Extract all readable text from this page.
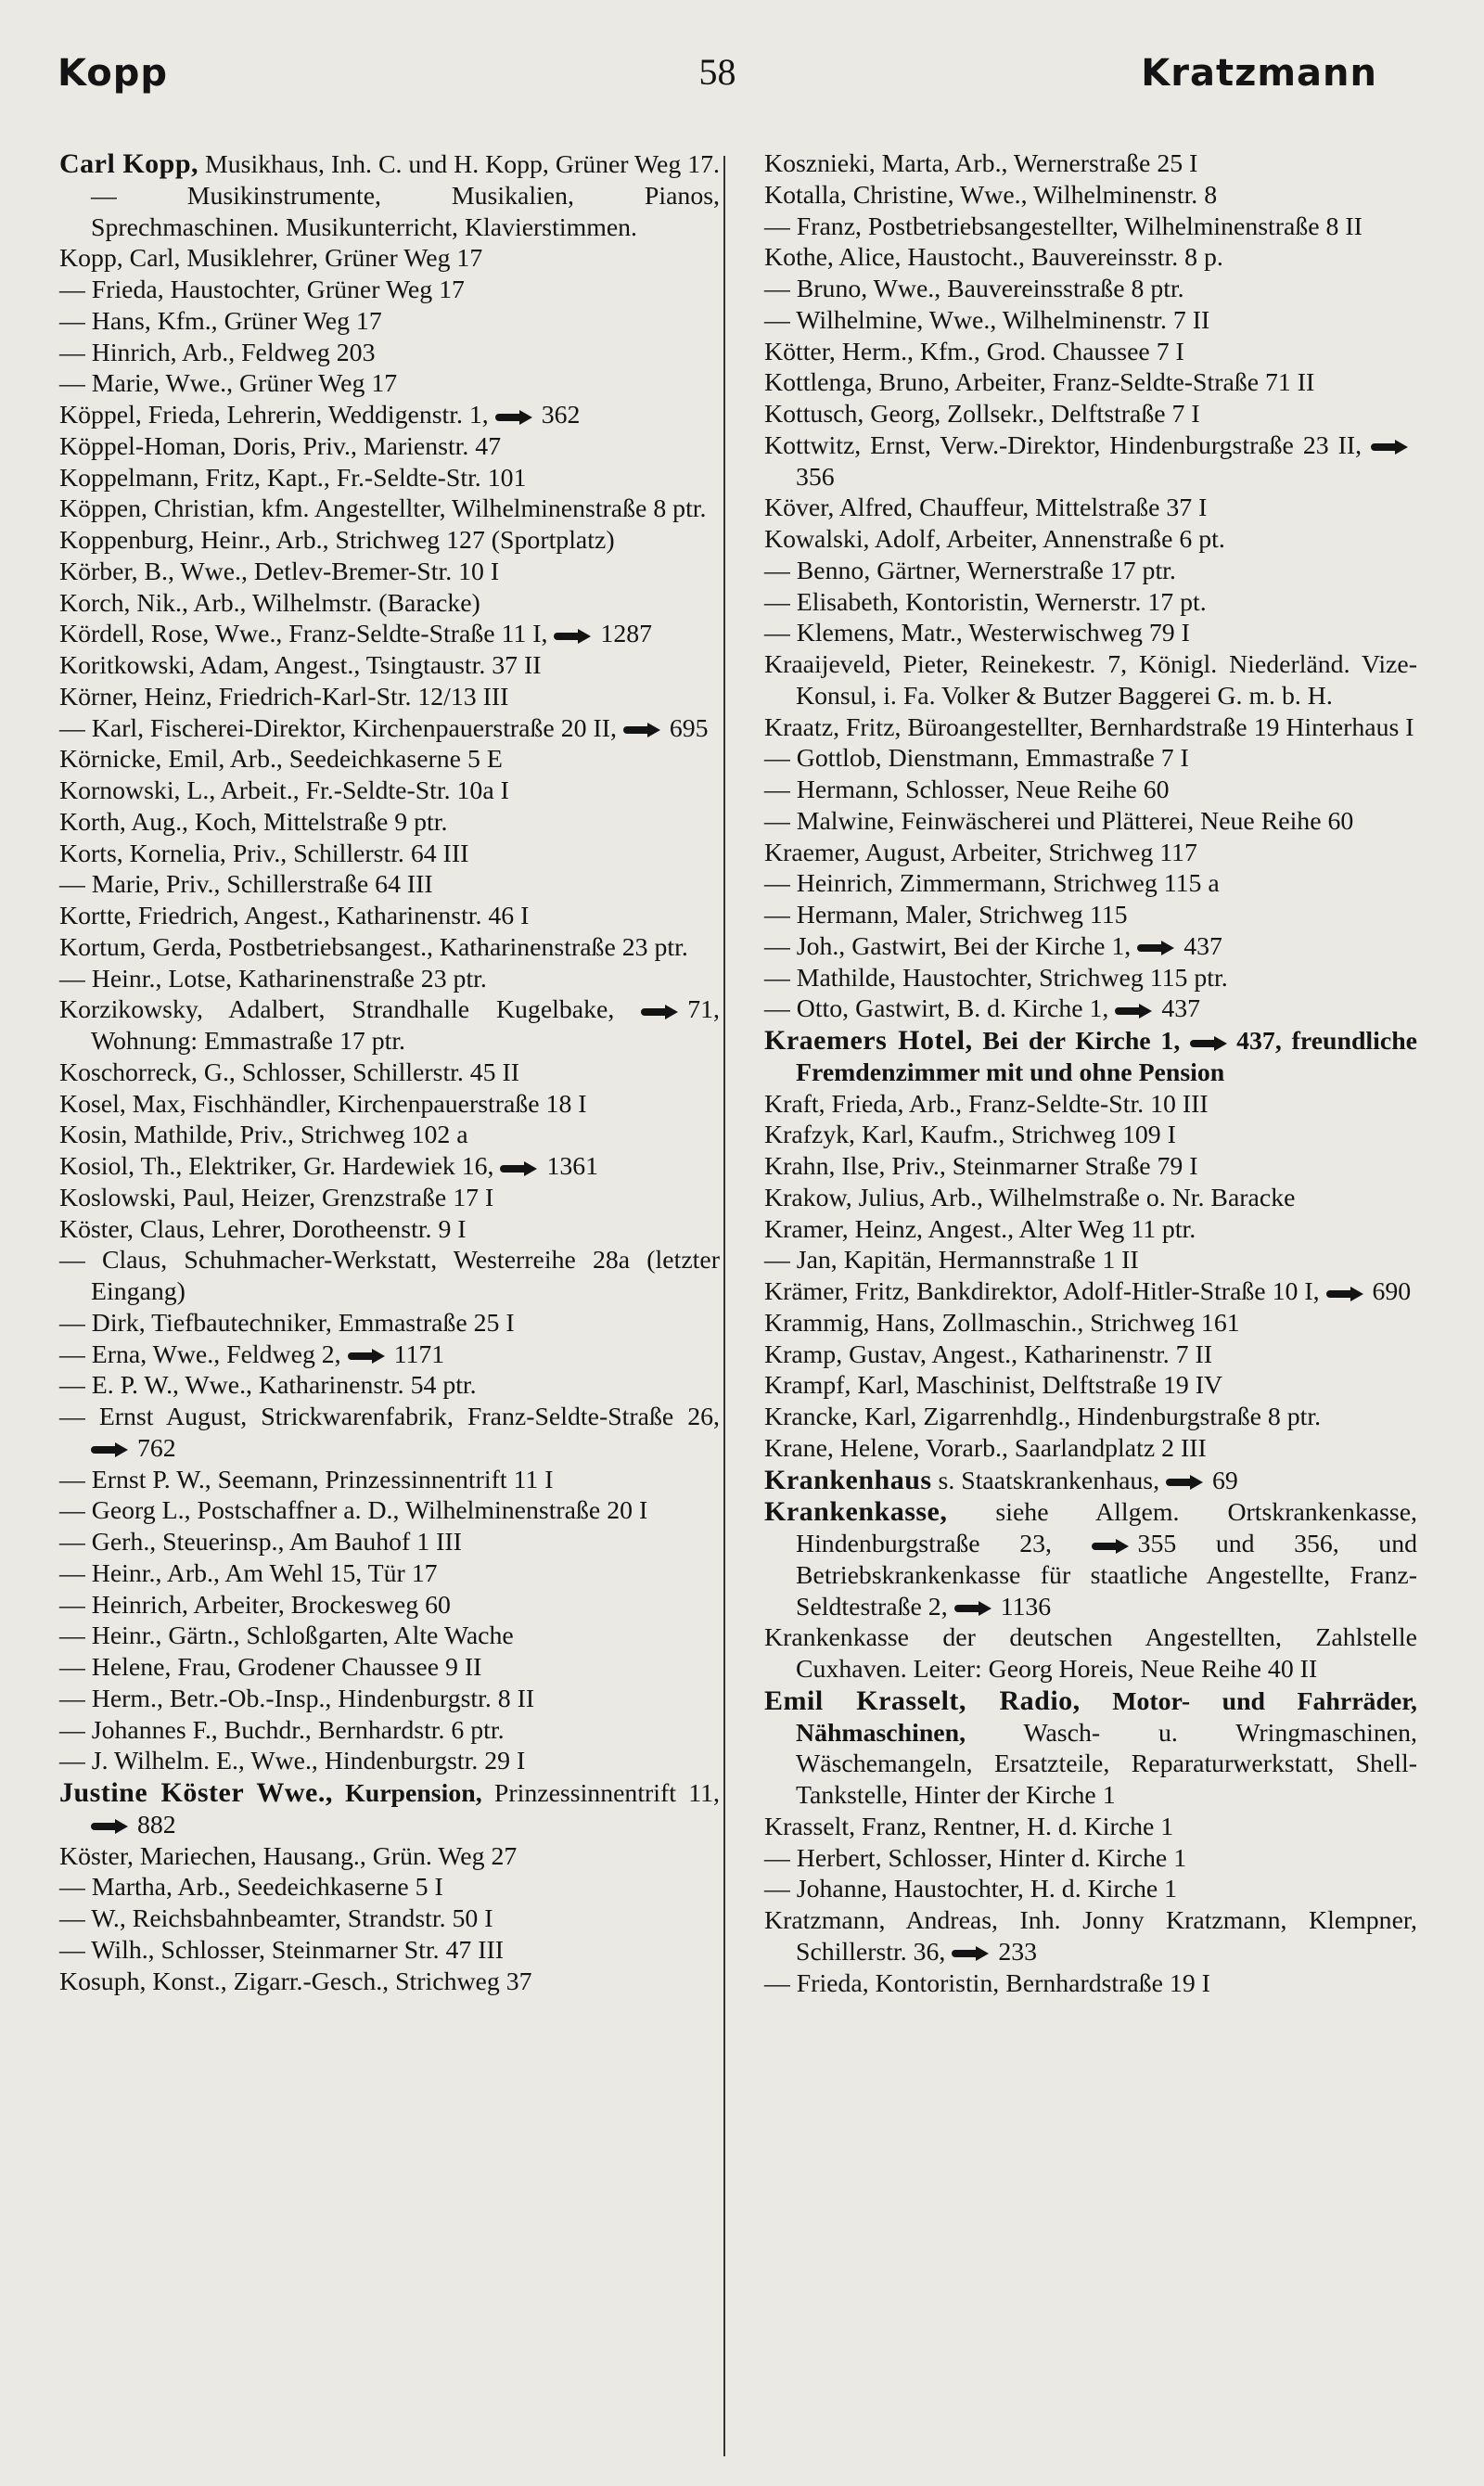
Kopp	58	Kratzmann
Carl Kopp, Musikhaus, Inh. C. und H. Kopp, Grüner Weg 17. — Musikinstrumente, Musikalien, Pianos, Sprechmaschinen. Musikunterricht, Klavierstimmen.
Kopp, Carl, Musiklehrer, Grüner Weg 17
— Frieda, Haustochter, Grüner Weg 17
— Hans, Kfm., Grüner Weg 17
— Hinrich, Arb., Feldweg 203
— Marie, Wwe., Grüner Weg 17
Köppel, Frieda, Lehrerin, Weddigenstr. 1, 362
Köppel-Homan, Doris, Priv., Marienstr. 47
Koppelmann, Fritz, Kapt., Fr.-Seldte-Str. 101
Köppen, Christian, kfm. Angestellter, Wilhelminenstraße 8 ptr.
Koppenburg, Heinr., Arb., Strichweg 127 (Sportplatz)
Körber, B., Wwe., Detlev-Bremer-Str. 10 I
Korch, Nik., Arb., Wilhelmstr. (Baracke)
Kördell, Rose, Wwe., Franz-Seldte-Straße 11 I, 1287
Koritkowski, Adam, Angest., Tsingtaustr. 37 II
Körner, Heinz, Friedrich-Karl-Str. 12/13 III
— Karl, Fischerei-Direktor, Kirchenpauerstraße 20 II, 695
Körnicke, Emil, Arb., Seedeichkaserne 5 E
Kornowski, L., Arbeit., Fr.-Seldte-Str. 10a I
Korth, Aug., Koch, Mittelstraße 9 ptr.
Korts, Kornelia, Priv., Schillerstr. 64 III
— Marie, Priv., Schillerstraße 64 III
Kortte, Friedrich, Angest., Katharinenstr. 46 I
Kortum, Gerda, Postbetriebsangest., Katharinenstraße 23 ptr.
— Heinr., Lotse, Katharinenstraße 23 ptr.
Korzikowsky, Adalbert, Strandhalle Kugelbake,	71, Wohnung: Emmastraße 17 ptr.
Koschorreck, G., Schlosser, Schillerstr. 45 II
Kosel, Max, Fischhändler, Kirchenpauerstraße 18 I
Kosin, Mathilde, Priv., Strichweg 102 a
Kosiol, Th., Elektriker, Gr. Hardewiek 16, 1361
Koslowski, Paul, Heizer, Grenzstraße 17 I
Köster, Claus, Lehrer, Dorotheenstr. 9 I
— Claus, Schuhmacher-Werkstatt, Westerreihe 28a (letzter Eingang)
— Dirk, Tiefbautechniker, Emmastraße 25 I
— Erna, Wwe., Feldweg 2, 1171
— E. P. W., Wwe., Katharinenstr. 54 ptr.
— Ernst August, Strickwarenfabrik, Franz-Seldte-Straße 26, 762
— Ernst P. W., Seemann, Prinzessinnentrift 11 I
— Georg L., Postschaffner a. D., Wilhelminenstraße 20 I
— Gerh., Steuerinsp., Am Bauhof 1 III
— Heinr., Arb., Am Wehl 15, Tür 17
— Heinrich, Arbeiter, Brockesweg 60
— Heinr., Gärtn., Schloßgarten, Alte Wache
— Helene, Frau, Grodener Chaussee 9 II
— Herm., Betr.-Ob.-Insp., Hindenburgstr. 8 II
— Johannes F., Buchdr., Bernhardstr. 6 ptr.
— J. Wilhelm. E., Wwe., Hindenburgstr. 29 I
Justine Köster Wwe., Kurpension, Prinzessinnentrift 11, 882
Köster, Mariechen, Hausang., Grün. Weg 27
— Martha, Arb., Seedeichkaserne 5 I
— W., Reichsbahnbeamter, Strandstr. 50 I
— Wilh., Schlosser, Steinmarner Str. 47 III
Kosuph, Konst., Zigarr.-Gesch., Strichweg 37
Kosznieki, Marta, Arb., Wernerstraße 25 I
Kotalla, Christine, Wwe., Wilhelminenstr. 8
— Franz, Postbetriebsangestellter, Wilhelminenstraße 8 II
Kothe, Alice, Haustocht., Bauvereinsstr. 8 p.
— Bruno, Wwe., Bauvereinsstraße 8 ptr.
— Wilhelmine, Wwe., Wilhelminenstr. 7 II
Kötter, Herm., Kfm., Grod. Chaussee 7 I
Kottlenga, Bruno, Arbeiter, Franz-Seldte-Straße 71 II
Kottusch, Georg, Zollsekr., Delftstraße 7 I
Kottwitz, Ernst, Verw.-Direktor, Hindenburgstraße 23 II, 356
Köver, Alfred, Chauffeur, Mittelstraße 37 I
Kowalski, Adolf, Arbeiter, Annenstraße 6 pt.
— Benno, Gärtner, Wernerstraße 17 ptr.
— Elisabeth, Kontoristin, Wernerstr. 17 pt.
— Klemens, Matr., Westerwischweg 79 I
Kraaijeveld, Pieter, Reinekestr. 7, Königl. Niederländ. Vize-Konsul, i. Fa. Volker & Butzer Baggerei G. m. b. H.
Kraatz, Fritz, Büroangestellter, Bernhardstraße 19 Hinterhaus I
— Gottlob, Dienstmann, Emmastraße 7 I
— Hermann, Schlosser, Neue Reihe 60
— Malwine, Feinwäscherei und Plätterei, Neue Reihe 60
Kraemer, August, Arbeiter, Strichweg 117
— Heinrich, Zimmermann, Strichweg 115 a
— Hermann, Maler, Strichweg 115
— Joh., Gastwirt, Bei der Kirche 1, 437
— Mathilde, Haustochter, Strichweg 115 ptr.
— Otto, Gastwirt, B. d. Kirche 1, 437
Kraemers Hotel, Bei der Kirche 1, 437, freundliche Fremdenzimmer mit und ohne Pension
Kraft, Frieda, Arb., Franz-Seldte-Str. 10 III
Krafzyk, Karl, Kaufm., Strichweg 109 I
Krahn, Ilse, Priv., Steinmarner Straße 79 I
Krakow, Julius, Arb., Wilhelmstraße o. Nr. Baracke
Kramer, Heinz, Angest., Alter Weg 11 ptr.
— Jan, Kapitän, Hermannstraße 1 II
Krämer, Fritz, Bankdirektor, Adolf-Hitler-Straße 10 I, 690
Krammig, Hans, Zollmaschin., Strichweg 161
Kramp, Gustav, Angest., Katharinenstr. 7 II
Krampf, Karl, Maschinist, Delftstraße 19 IV
Krancke, Karl, Zigarrenhdlg., Hindenburgstraße 8 ptr.
Krane, Helene, Vorarb., Saarlandplatz 2 III
Krankenhaus s. Staatskrankenhaus, 69
Krankenkasse, siehe Allgem. Ortskrankenkasse, Hindenburgstraße 23,	355 und 356, und Betriebskrankenkasse für staatliche Angestellte, Franz-Seldtestraße 2, 1136
Krankenkasse der deutschen Angestellten, Zahlstelle Cuxhaven. Leiter: Georg Horeis, Neue Reihe 40 II
Emil Krasselt, Radio, Motor- und Fahrräder, Nähmaschinen, Wasch- u. Wringmaschinen, Wäschemangeln, Ersatzteile, Reparaturwerkstatt, Shell-Tankstelle, Hinter der Kirche 1
Krasselt, Franz, Rentner, H. d. Kirche 1
— Herbert, Schlosser, Hinter d. Kirche 1
— Johanne, Haustochter, H. d. Kirche 1
Kratzmann, Andreas, Inh. Jonny Kratzmann, Klempner, Schillerstr. 36, 233
— Frieda, Kontoristin, Bernhardstraße 19 I
